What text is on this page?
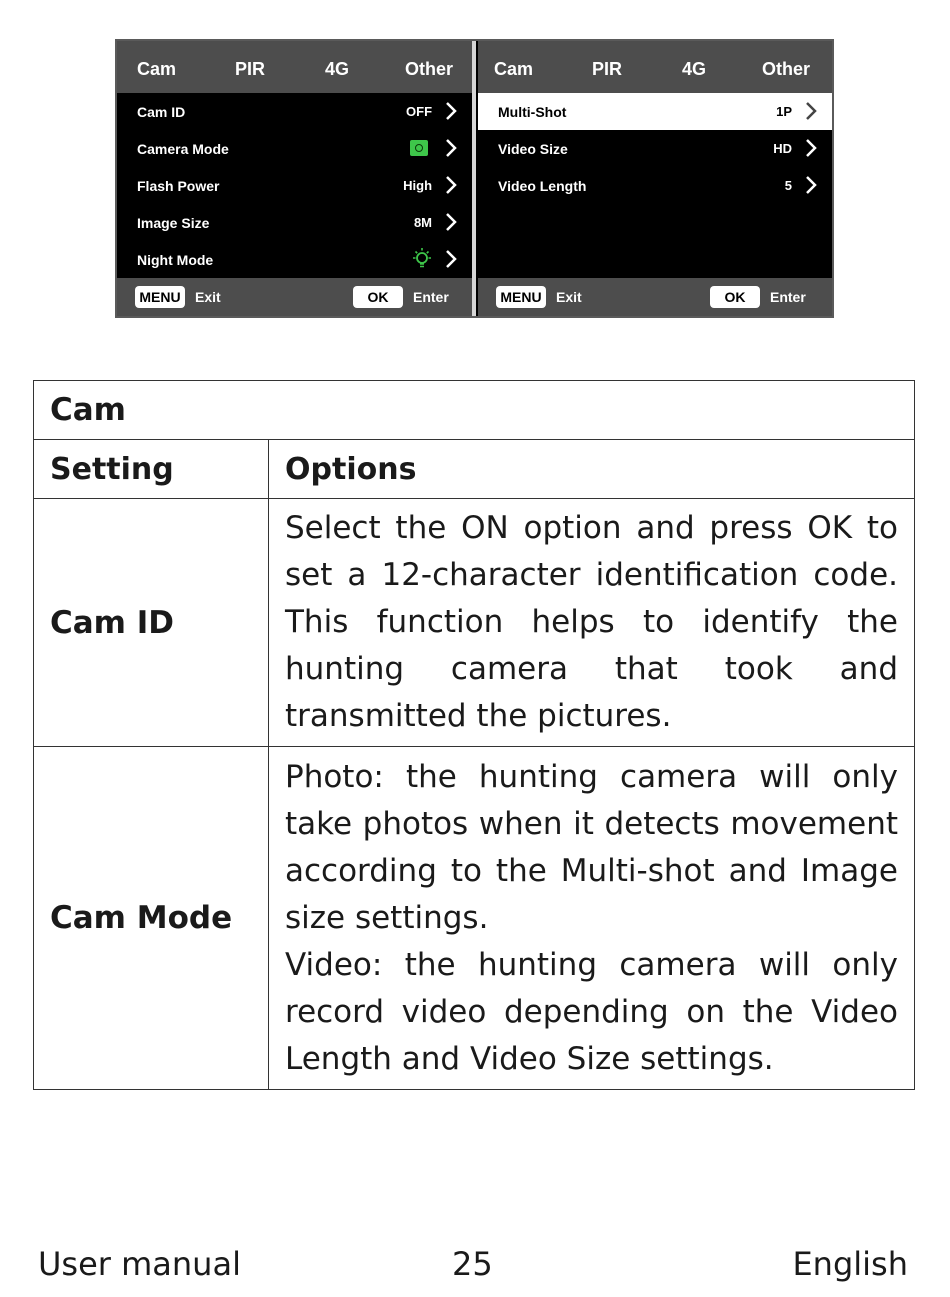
Cam	PIR	4G	Other
Cam ID	OFF
Camera Mode
Flash Power	High
Image Size	8M
Night Mode
MENU	Exit	OK	Enter
Cam	PIR	4G	Other
Multi-Shot	1P
Video Size	HD
Video Length	5
MENU	Exit	OK	Enter
Cam	
Setting	Options
Cam ID	Select the ON option and press OK to set a 12-character identification code. This function helps to identify the hunting camera that took and transmitted the pictures.

Cam Mode	Photo: the hunting camera will only take photos when it detects movement according to the Multi-shot and Image size settings.

Video: the hunting camera will only record video depending on the Video Length and Video Size settings.

User manual	25	English
